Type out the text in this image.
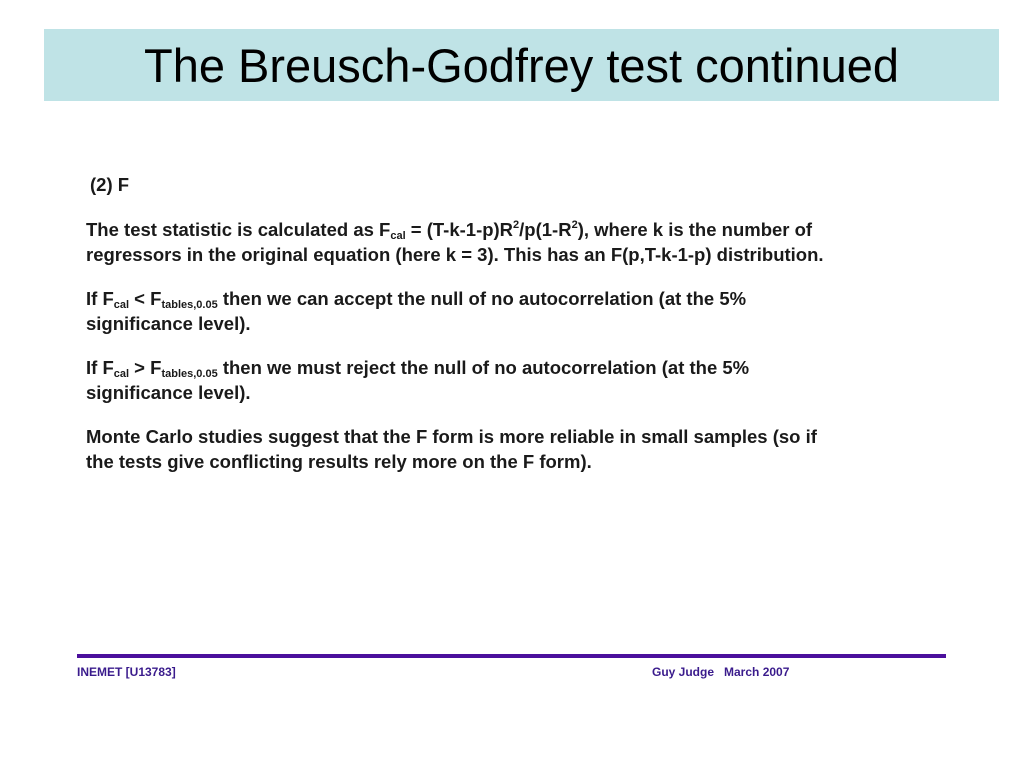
The Breusch-Godfrey test continued
(2) F
The test statistic is calculated as $F_{cal} = (T-k-1-p)R^2/p(1-R^2)$, where k is the number of
regressors in the original equation (here k = 3). This has an F(p,T-k-1-p) distribution.
If $F_{cal} < F_{tables,0.05}$ then we can accept the null of no autocorrelation (at the 5%
significance level).
If $F_{cal} > F_{tables,0.05}$ then we must reject the null of no autocorrelation (at the 5%
significance level).
Monte Carlo studies suggest that the F form is more reliable in small samples (so if
the tests give conflicting results rely more on the F form).
INEMET [U13783]	Guy Judge   March 2007
